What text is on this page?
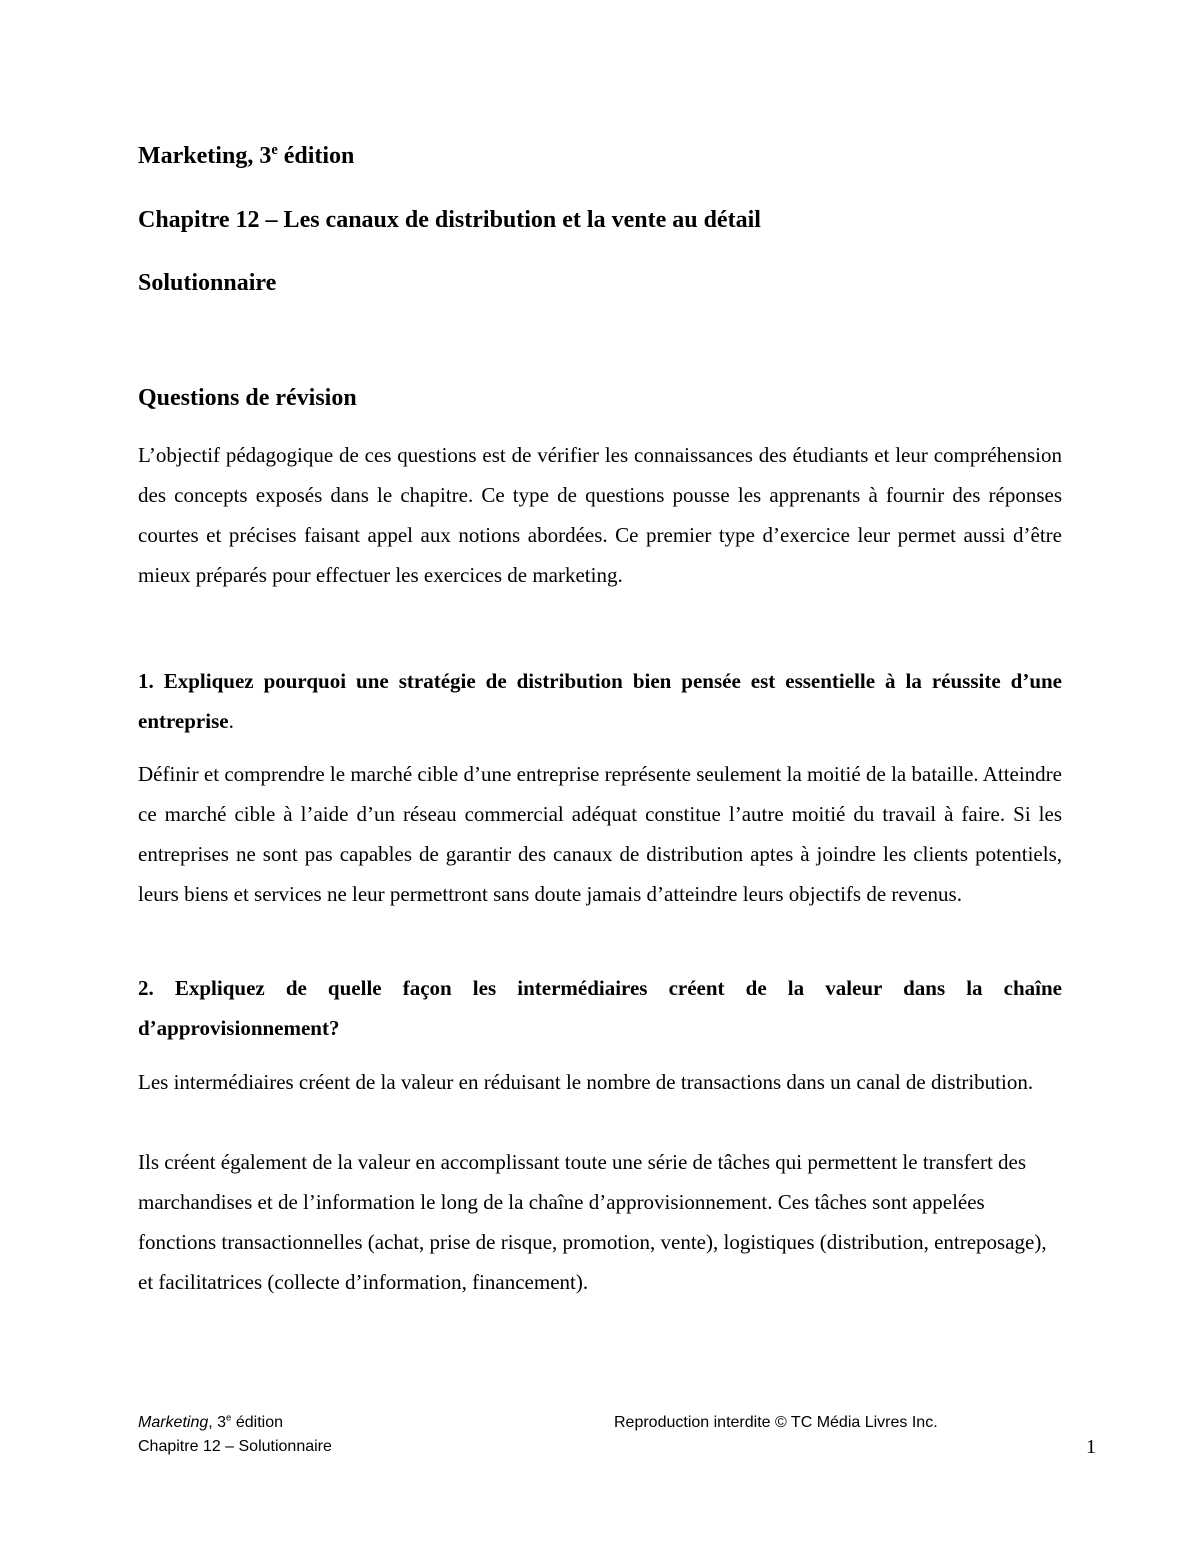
Marketing, 3e édition
Chapitre 12 – Les canaux de distribution et la vente au détail
Solutionnaire
Questions de révision

L’objectif pédagogique de ces questions est de vérifier les connaissances des étudiants et leur compréhension des concepts exposés dans le chapitre. Ce type de questions pousse les apprenants à fournir des réponses courtes et précises faisant appel aux notions abordées. Ce premier type d’exercice leur permet aussi d’être mieux préparés pour effectuer les exercices de marketing.

1. Expliquez pourquoi une stratégie de distribution bien pensée est essentielle à la réussite d’une entreprise.

Définir et comprendre le marché cible d’une entreprise représente seulement la moitié de la bataille. Atteindre ce marché cible à l’aide d’un réseau commercial adéquat constitue l’autre moitié du travail à faire. Si les entreprises ne sont pas capables de garantir des canaux de distribution aptes à joindre les clients potentiels, leurs biens et services ne leur permettront sans doute jamais d’atteindre leurs objectifs de revenus.

2. Expliquez de quelle façon les intermédiaires créent de la valeur dans la chaîne d’approvisionnement?

Les intermédiaires créent de la valeur en réduisant le nombre de transactions dans un canal de distribution.

Ils créent également de la valeur en accomplissant toute une série de tâches qui permettent le transfert des marchandises et de l’information le long de la chaîne d’approvisionnement. Ces tâches sont appelées fonctions transactionnelles (achat, prise de risque, promotion, vente), logistiques (distribution, entreposage), et facilitatrices (collecte d’information, financement).

Marketing, 3e édition
Chapitre 12 – Solutionnaire
Reproduction interdite © TC Média Livres Inc.
1
